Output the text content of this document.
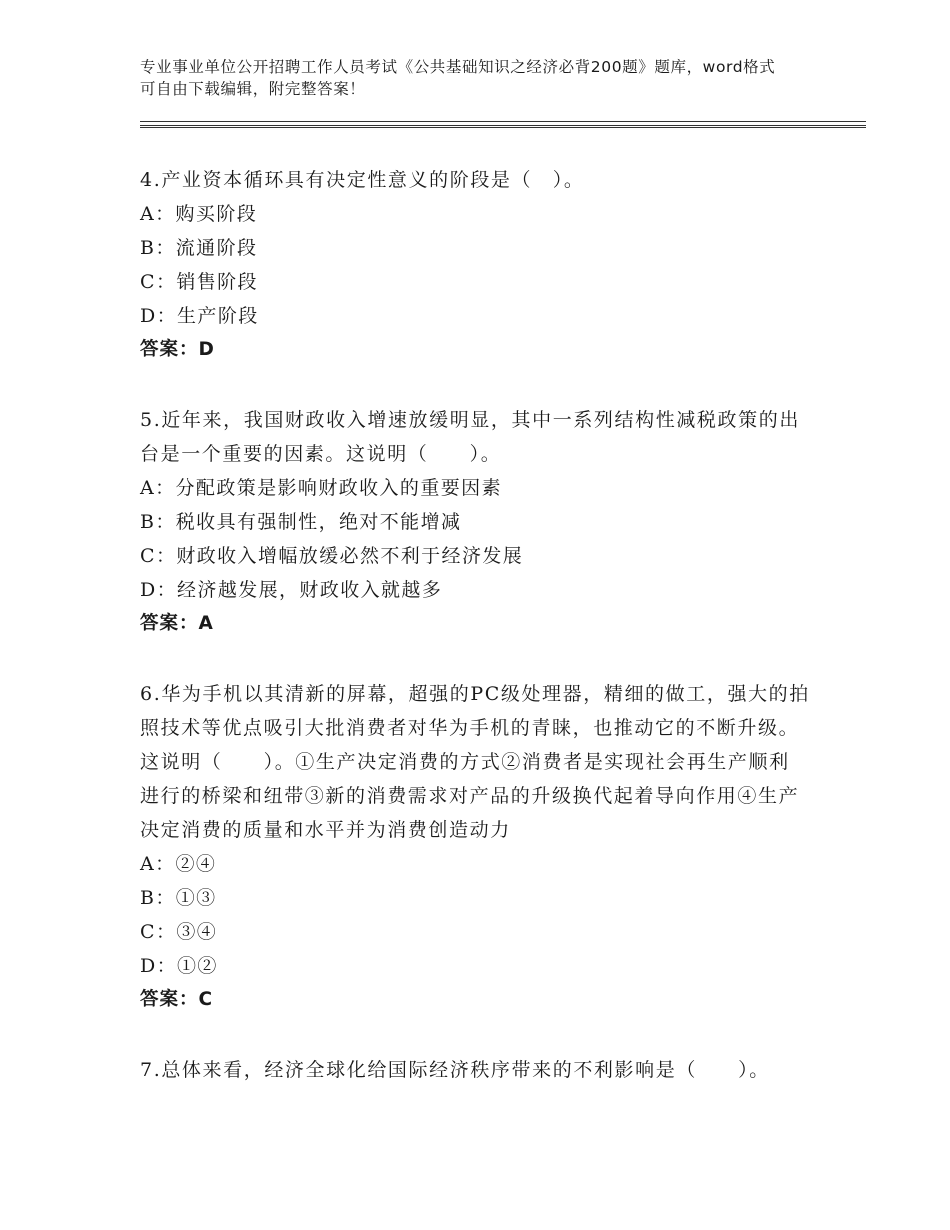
专业事业单位公开招聘工作人员考试《公共基础知识之经济必背200题》题库，word格式可自由下载编辑，附完整答案！

4.产业资本循环具有决定性意义的阶段是（　）。

A：购买阶段

B：流通阶段

C：销售阶段

D：生产阶段

答案：D

5.近年来，我国财政收入增速放缓明显，其中一系列结构性减税政策的出台是一个重要的因素。这说明（　　）。

A：分配政策是影响财政收入的重要因素

B：税收具有强制性，绝对不能增减

C：财政收入增幅放缓必然不利于经济发展

D：经济越发展，财政收入就越多

答案：A

6.华为手机以其清新的屏幕，超强的PC级处理器，精细的做工，强大的拍照技术等优点吸引大批消费者对华为手机的青睐，也推动它的不断升级。这说明（　　）。①生产决定消费的方式②消费者是实现社会再生产顺利进行的桥梁和纽带③新的消费需求对产品的升级换代起着导向作用④生产决定消费的质量和水平并为消费创造动力

A：②④

B：①③

C：③④

D：①②

答案：C

7.总体来看，经济全球化给国际经济秩序带来的不利影响是（　　）。
